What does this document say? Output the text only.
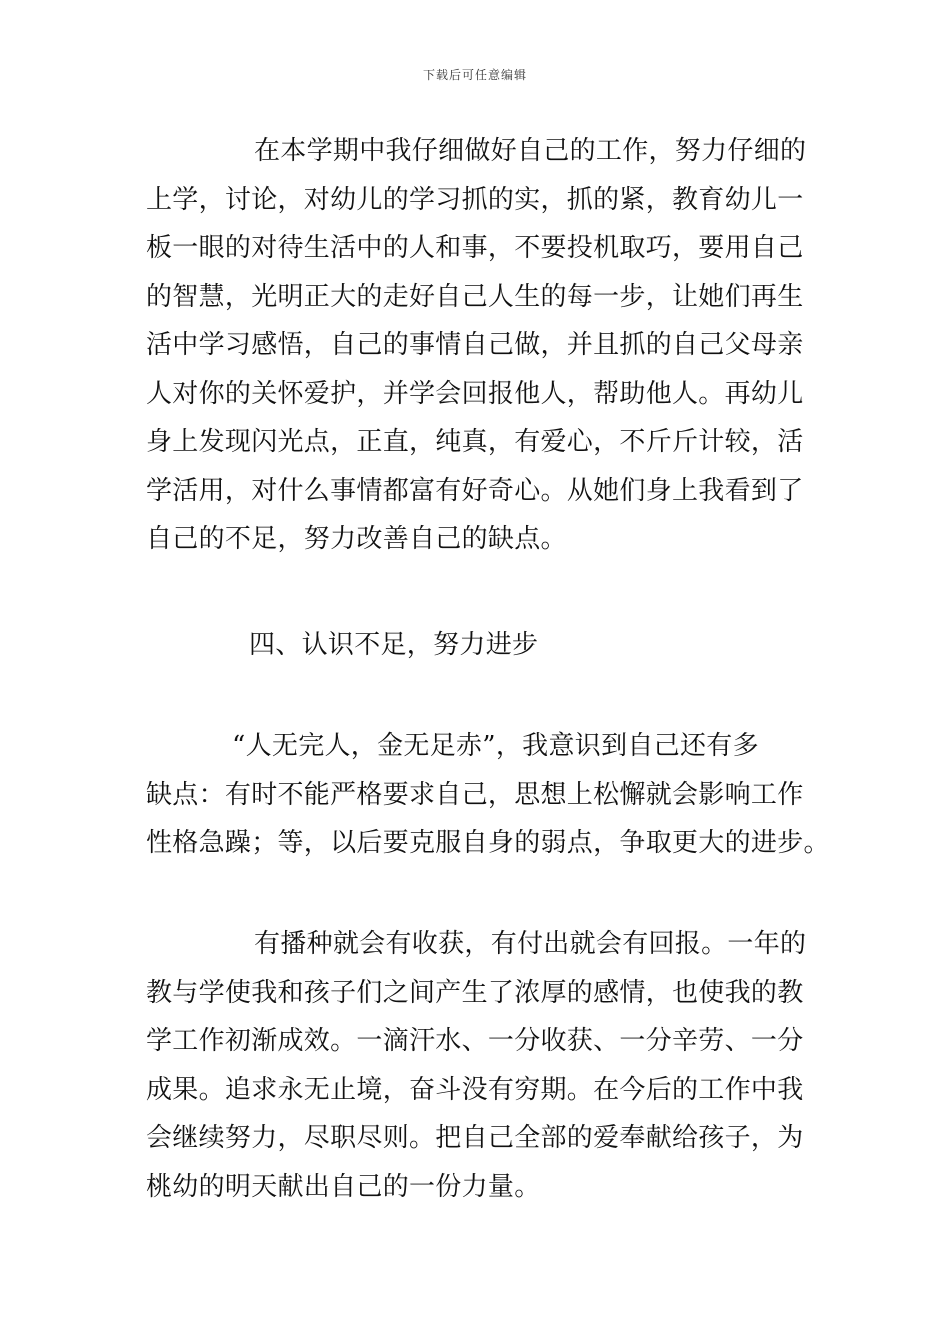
下载后可任意编辑
在本学期中我仔细做好自己的工作，努力仔细的
上学，讨论，对幼儿的学习抓的实，抓的紧，教育幼儿一
板一眼的对待生活中的人和事，不要投机取巧，要用自己
的智慧，光明正大的走好自己人生的每一步，让她们再生
活中学习感悟，自己的事情自己做，并且抓的自己父母亲
人对你的关怀爱护，并学会回报他人，帮助他人。再幼儿
身上发现闪光点，正直，纯真，有爱心，不斤斤计较，活
学活用，对什么事情都富有好奇心。从她们身上我看到了
自己的不足，努力改善自己的缺点。
四、认识不足，努力进步
“人无完人，金无足赤”，我意识到自己还有多
缺点：有时不能严格要求自己，思想上松懈就会影响工作
性格急躁；等，以后要克服自身的弱点，争取更大的进步。
有播种就会有收获，有付出就会有回报。一年的
教与学使我和孩子们之间产生了浓厚的感情，也使我的教
学工作初渐成效。一滴汗水、一分收获、一分辛劳、一分
成果。追求永无止境，奋斗没有穷期。在今后的工作中我
会继续努力，尽职尽则。把自己全部的爱奉献给孩子，为
桃幼的明天献出自己的一份力量。
